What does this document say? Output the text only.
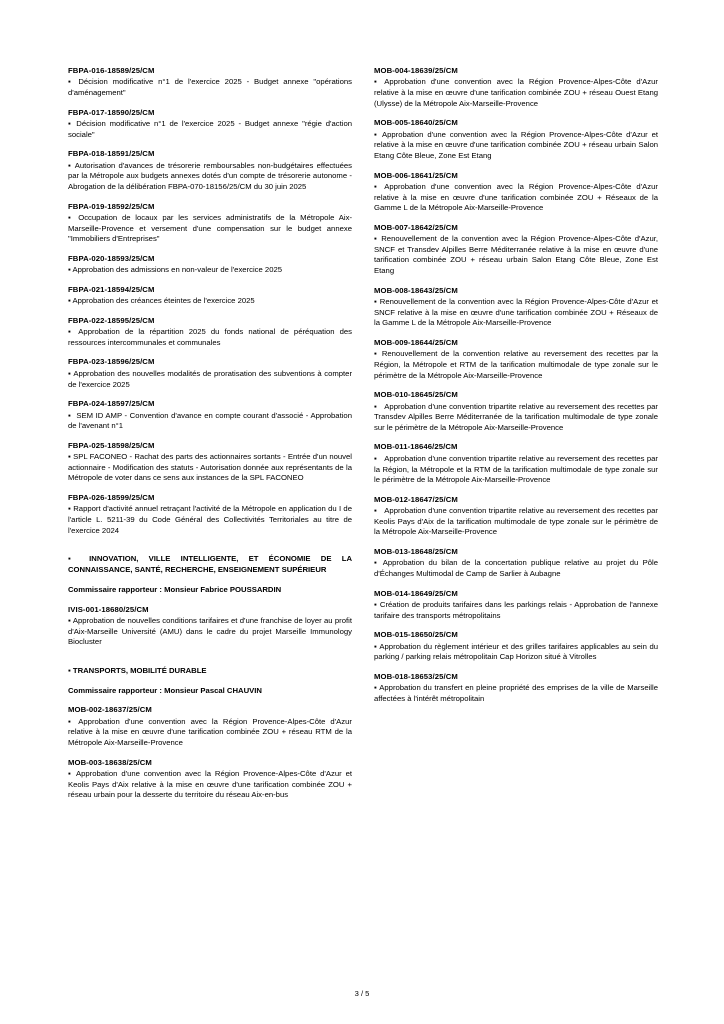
FBPA-016-18589/25/CM

▪ Décision modificative n°1 de l'exercice 2025 - Budget annexe "opérations d'aménagement"

FBPA-017-18590/25/CM

▪ Décision modificative n°1 de l'exercice 2025 - Budget annexe "régie d'action sociale"

FBPA-018-18591/25/CM

▪ Autorisation d'avances de trésorerie remboursables non-budgétaires effectuées par la Métropole aux budgets annexes dotés d'un compte de trésorerie autonome - Abrogation de la délibération FBPA-070-18156/25/CM du 30 juin 2025

FBPA-019-18592/25/CM

▪ Occupation de locaux par les services administratifs de la Métropole Aix-Marseille-Provence et versement d'une compensation sur le budget annexe "Immobiliers d'Entreprises"

FBPA-020-18593/25/CM

▪ Approbation des admissions en non-valeur de l'exercice 2025

FBPA-021-18594/25/CM

▪ Approbation des créances éteintes de l'exercice 2025

FBPA-022-18595/25/CM

▪ Approbation de la répartition 2025 du fonds national de péréquation des ressources intercommunales et communales

FBPA-023-18596/25/CM

▪ Approbation des nouvelles modalités de proratisation des subventions à compter de l'exercice 2025

FBPA-024-18597/25/CM

▪ SEM ID AMP - Convention d'avance en compte courant d'associé - Approbation de l'avenant n°1

FBPA-025-18598/25/CM

▪ SPL FACONEO - Rachat des parts des actionnaires sortants - Entrée d'un nouvel actionnaire - Modification des statuts - Autorisation donnée aux représentants de la Métropole de voter dans ce sens aux instances de la SPL FACONEO

FBPA-026-18599/25/CM

▪ Rapport d'activité annuel retraçant l'activité de la Métropole en application du I de l'article L. 5211-39 du Code Général des Collectivités Territoriales au titre de l'exercice 2024

▪ INNOVATION, VILLE INTELLIGENTE, ET ÉCONOMIE DE LA CONNAISSANCE, SANTÉ, RECHERCHE, ENSEIGNEMENT SUPÉRIEUR

Commissaire rapporteur : Monsieur Fabrice POUSSARDIN

IVIS-001-18680/25/CM

▪ Approbation de nouvelles conditions tarifaires et d'une franchise de loyer au profit d'Aix-Marseille Université (AMU) dans le cadre du projet Marseille Immunology Biocluster

▪ TRANSPORTS, MOBILITÉ DURABLE

Commissaire rapporteur : Monsieur Pascal CHAUVIN

MOB-002-18637/25/CM

▪ Approbation d'une convention avec la Région Provence-Alpes-Côte d'Azur relative à la mise en œuvre d'une tarification combinée ZOU + réseau RTM de la Métropole Aix-Marseille-Provence

MOB-003-18638/25/CM

▪ Approbation d'une convention avec la Région Provence-Alpes-Côte d'Azur et Keolis Pays d'Aix relative à la mise en œuvre d'une tarification combinée ZOU + réseau urbain pour la desserte du territoire du réseau Aix-en-bus

MOB-004-18639/25/CM

▪ Approbation d'une convention avec la Région Provence-Alpes-Côte d'Azur relative à la mise en œuvre d'une tarification combinée ZOU + réseau Ouest Etang (Ulysse) de la Métropole Aix-Marseille-Provence

MOB-005-18640/25/CM

▪ Approbation d'une convention avec la Région Provence-Alpes-Côte d'Azur et relative à la mise en œuvre d'une tarification combinée ZOU + réseau urbain Salon Etang Côte Bleue, Zone Est Etang

MOB-006-18641/25/CM

▪ Approbation d'une convention avec la Région Provence-Alpes-Côte d'Azur relative à la mise en œuvre d'une tarification combinée ZOU + Réseaux de la Gamme L de la Métropole Aix-Marseille-Provence

MOB-007-18642/25/CM

▪ Renouvellement de la convention avec la Région Provence-Alpes-Côte d'Azur, SNCF et Transdev Alpilles Berre Méditerranée relative à la mise en œuvre d'une tarification combinée ZOU + réseau urbain Salon Etang Côte Bleue, Zone Est Etang

MOB-008-18643/25/CM

▪ Renouvellement de la convention avec la Région Provence-Alpes-Côte d'Azur et SNCF relative à la mise en œuvre d'une tarification combinée ZOU + Réseaux de la Gamme L de la Métropole Aix-Marseille-Provence

MOB-009-18644/25/CM

▪ Renouvellement de la convention relative au reversement des recettes par la Région, la Métropole et RTM de la tarification multimodale de type zonale sur le périmètre de la Métropole Aix-Marseille-Provence

MOB-010-18645/25/CM

▪ Approbation d'une convention tripartite relative au reversement des recettes par Transdev Alpilles Berre Méditerranée de la tarification multimodale de type zonale sur le périmètre de la Métropole Aix-Marseille-Provence

MOB-011-18646/25/CM

▪ Approbation d'une convention tripartite relative au reversement des recettes par la Région, la Métropole et la RTM de la tarification multimodale de type zonale sur le périmètre de la Métropole Aix-Marseille-Provence

MOB-012-18647/25/CM

▪ Approbation d'une convention tripartite relative au reversement des recettes par Keolis Pays d'Aix de la tarification multimodale de type zonale sur le périmètre de la Métropole Aix-Marseille-Provence

MOB-013-18648/25/CM

▪ Approbation du bilan de la concertation publique relative au projet du Pôle d'Échanges Multimodal de Camp de Sarlier à Aubagne

MOB-014-18649/25/CM

▪ Création de produits tarifaires dans les parkings relais - Approbation de l'annexe tarifaire des transports métropolitains

MOB-015-18650/25/CM

▪ Approbation du règlement intérieur et des grilles tarifaires applicables au sein du parking / parking relais métropolitain Cap Horizon situé à Vitrolles

MOB-018-18653/25/CM

▪ Approbation du transfert en pleine propriété des emprises de la ville de Marseille affectées à l'intérêt métropolitain

3 / 5
